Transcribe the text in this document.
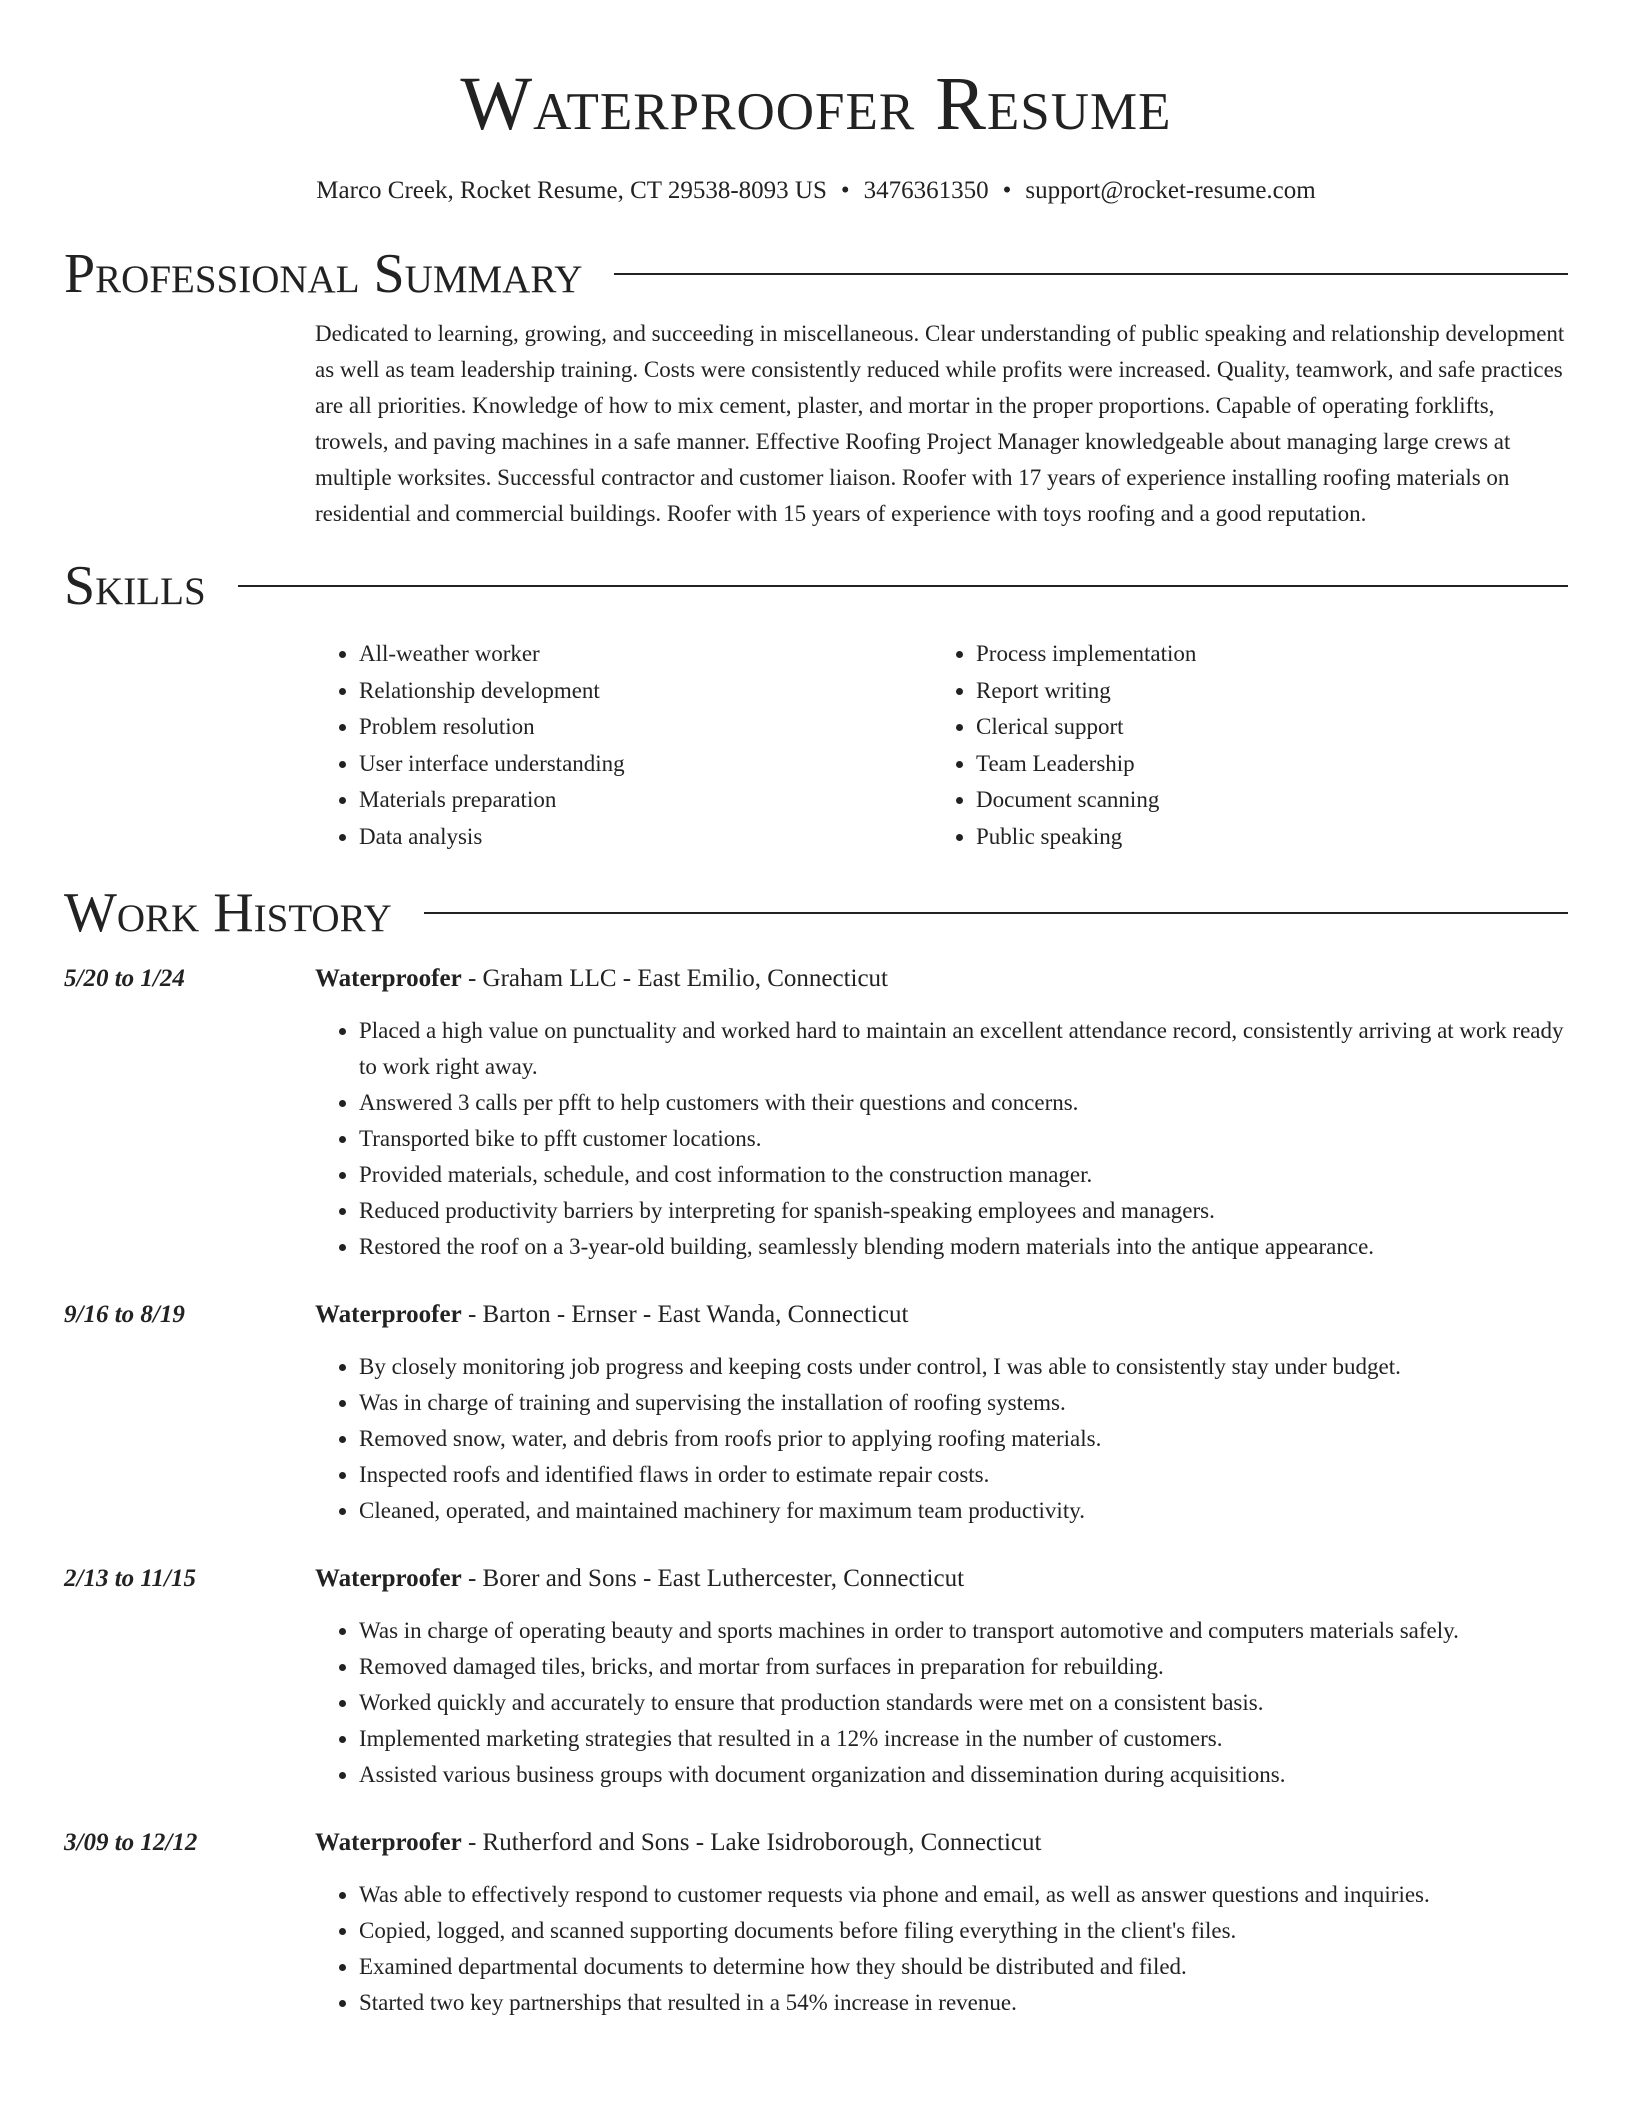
Waterproofer Resume
Marco Creek, Rocket Resume, CT 29538-8093 US • 3476361350 • support@rocket-resume.com
Professional Summary
Dedicated to learning, growing, and succeeding in miscellaneous. Clear understanding of public speaking and relationship development as well as team leadership training. Costs were consistently reduced while profits were increased. Quality, teamwork, and safe practices are all priorities. Knowledge of how to mix cement, plaster, and mortar in the proper proportions. Capable of operating forklifts, trowels, and paving machines in a safe manner. Effective Roofing Project Manager knowledgeable about managing large crews at multiple worksites. Successful contractor and customer liaison. Roofer with 17 years of experience installing roofing materials on residential and commercial buildings. Roofer with 15 years of experience with toys roofing and a good reputation.
Skills
• All-weather worker
• Relationship development
• Problem resolution
• User interface understanding
• Materials preparation
• Data analysis
• Process implementation
• Report writing
• Clerical support
• Team Leadership
• Document scanning
• Public speaking
Work History
5/20 to 1/24	Waterproofer - Graham LLC - East Emilio, Connecticut
• Placed a high value on punctuality and worked hard to maintain an excellent attendance record, consistently arriving at work ready to work right away.
• Answered 3 calls per pfft to help customers with their questions and concerns.
• Transported bike to pfft customer locations.
• Provided materials, schedule, and cost information to the construction manager.
• Reduced productivity barriers by interpreting for spanish-speaking employees and managers.
• Restored the roof on a 3-year-old building, seamlessly blending modern materials into the antique appearance.
9/16 to 8/19	Waterproofer - Barton - Ernser - East Wanda, Connecticut
• By closely monitoring job progress and keeping costs under control, I was able to consistently stay under budget.
• Was in charge of training and supervising the installation of roofing systems.
• Removed snow, water, and debris from roofs prior to applying roofing materials.
• Inspected roofs and identified flaws in order to estimate repair costs.
• Cleaned, operated, and maintained machinery for maximum team productivity.
2/13 to 11/15	Waterproofer - Borer and Sons - East Luthercester, Connecticut
• Was in charge of operating beauty and sports machines in order to transport automotive and computers materials safely.
• Removed damaged tiles, bricks, and mortar from surfaces in preparation for rebuilding.
• Worked quickly and accurately to ensure that production standards were met on a consistent basis.
• Implemented marketing strategies that resulted in a 12% increase in the number of customers.
• Assisted various business groups with document organization and dissemination during acquisitions.
3/09 to 12/12	Waterproofer - Rutherford and Sons - Lake Isidroborough, Connecticut
• Was able to effectively respond to customer requests via phone and email, as well as answer questions and inquiries.
• Copied, logged, and scanned supporting documents before filing everything in the client's files.
• Examined departmental documents to determine how they should be distributed and filed.
• Started two key partnerships that resulted in a 54% increase in revenue.
